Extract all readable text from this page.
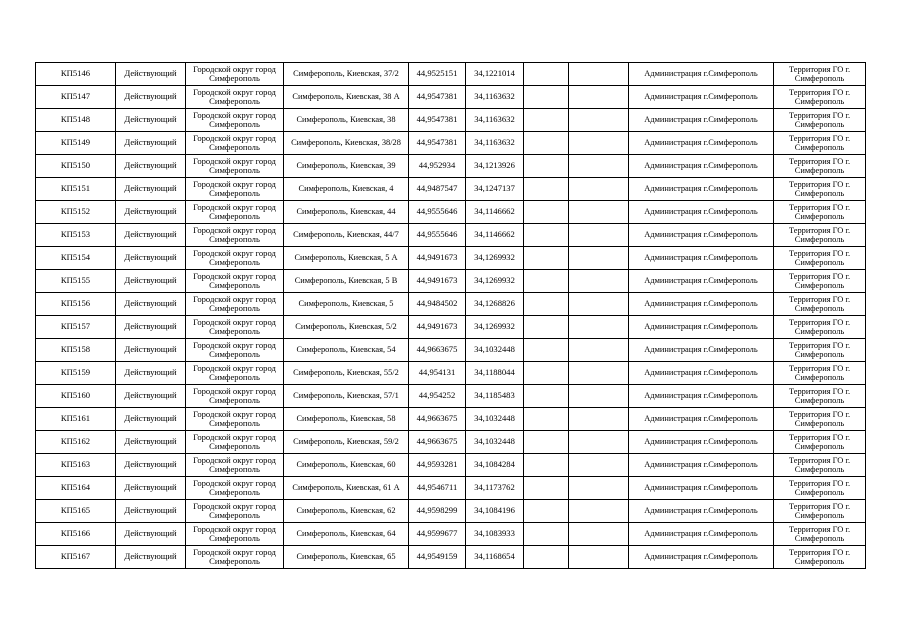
КП5146	Действующий	Городской округ город Симферополь	Симферополь, Киевская, 37/2	44,9525151	34,1221014			Администрация г.Симферополь	Территория ГО г. Симферополь
КП5147	Действующий	Городской округ город Симферополь	Симферополь, Киевская, 38 А	44,9547381	34,1163632			Администрация г.Симферополь	Территория ГО г. Симферополь
КП5148	Действующий	Городской округ город Симферополь	Симферополь, Киевская, 38	44,9547381	34,1163632			Администрация г.Симферополь	Территория ГО г. Симферополь
КП5149	Действующий	Городской округ город Симферополь	Симферополь, Киевская, 38/28	44,9547381	34,1163632			Администрация г.Симферополь	Территория ГО г. Симферополь
КП5150	Действующий	Городской округ город Симферополь	Симферополь, Киевская, 39	44,952934	34,1213926			Администрация г.Симферополь	Территория ГО г. Симферополь
КП5151	Действующий	Городской округ город Симферополь	Симферополь, Киевская, 4	44,9487547	34,1247137			Администрация г.Симферополь	Территория ГО г. Симферополь
КП5152	Действующий	Городской округ город Симферополь	Симферополь, Киевская, 44	44,9555646	34,1146662			Администрация г.Симферополь	Территория ГО г. Симферополь
КП5153	Действующий	Городской округ город Симферополь	Симферополь, Киевская, 44/7	44,9555646	34,1146662			Администрация г.Симферополь	Территория ГО г. Симферополь
КП5154	Действующий	Городской округ город Симферополь	Симферополь, Киевская, 5 А	44,9491673	34,1269932			Администрация г.Симферополь	Территория ГО г. Симферополь
КП5155	Действующий	Городской округ город Симферополь	Симферополь, Киевская, 5 В	44,9491673	34,1269932			Администрация г.Симферополь	Территория ГО г. Симферополь
КП5156	Действующий	Городской округ город Симферополь	Симферополь, Киевская, 5	44,9484502	34,1268826			Администрация г.Симферополь	Территория ГО г. Симферополь
КП5157	Действующий	Городской округ город Симферополь	Симферополь, Киевская, 5/2	44,9491673	34,1269932			Администрация г.Симферополь	Территория ГО г. Симферополь
КП5158	Действующий	Городской округ город Симферополь	Симферополь, Киевская, 54	44,9663675	34,1032448			Администрация г.Симферополь	Территория ГО г. Симферополь
КП5159	Действующий	Городской округ город Симферополь	Симферополь, Киевская, 55/2	44,954131	34,1188044			Администрация г.Симферополь	Территория ГО г. Симферополь
КП5160	Действующий	Городской округ город Симферополь	Симферополь, Киевская, 57/1	44,954252	34,1185483			Администрация г.Симферополь	Территория ГО г. Симферополь
КП5161	Действующий	Городской округ город Симферополь	Симферополь, Киевская, 58	44,9663675	34,1032448			Администрация г.Симферополь	Территория ГО г. Симферополь
КП5162	Действующий	Городской округ город Симферополь	Симферополь, Киевская, 59/2	44,9663675	34,1032448			Администрация г.Симферополь	Территория ГО г. Симферополь
КП5163	Действующий	Городской округ город Симферополь	Симферополь, Киевская, 60	44,9593281	34,1084284			Администрация г.Симферополь	Территория ГО г. Симферополь
КП5164	Действующий	Городской округ город Симферополь	Симферополь, Киевская, 61 А	44,9546711	34,1173762			Администрация г.Симферополь	Территория ГО г. Симферополь
КП5165	Действующий	Городской округ город Симферополь	Симферополь, Киевская, 62	44,9598299	34,1084196			Администрация г.Симферополь	Территория ГО г. Симферополь
КП5166	Действующий	Городской округ город Симферополь	Симферополь, Киевская, 64	44,9599677	34,1083933			Администрация г.Симферополь	Территория ГО г. Симферополь
КП5167	Действующий	Городской округ город Симферополь	Симферополь, Киевская, 65	44,9549159	34,1168654			Администрация г.Симферополь	Территория ГО г. Симферополь
